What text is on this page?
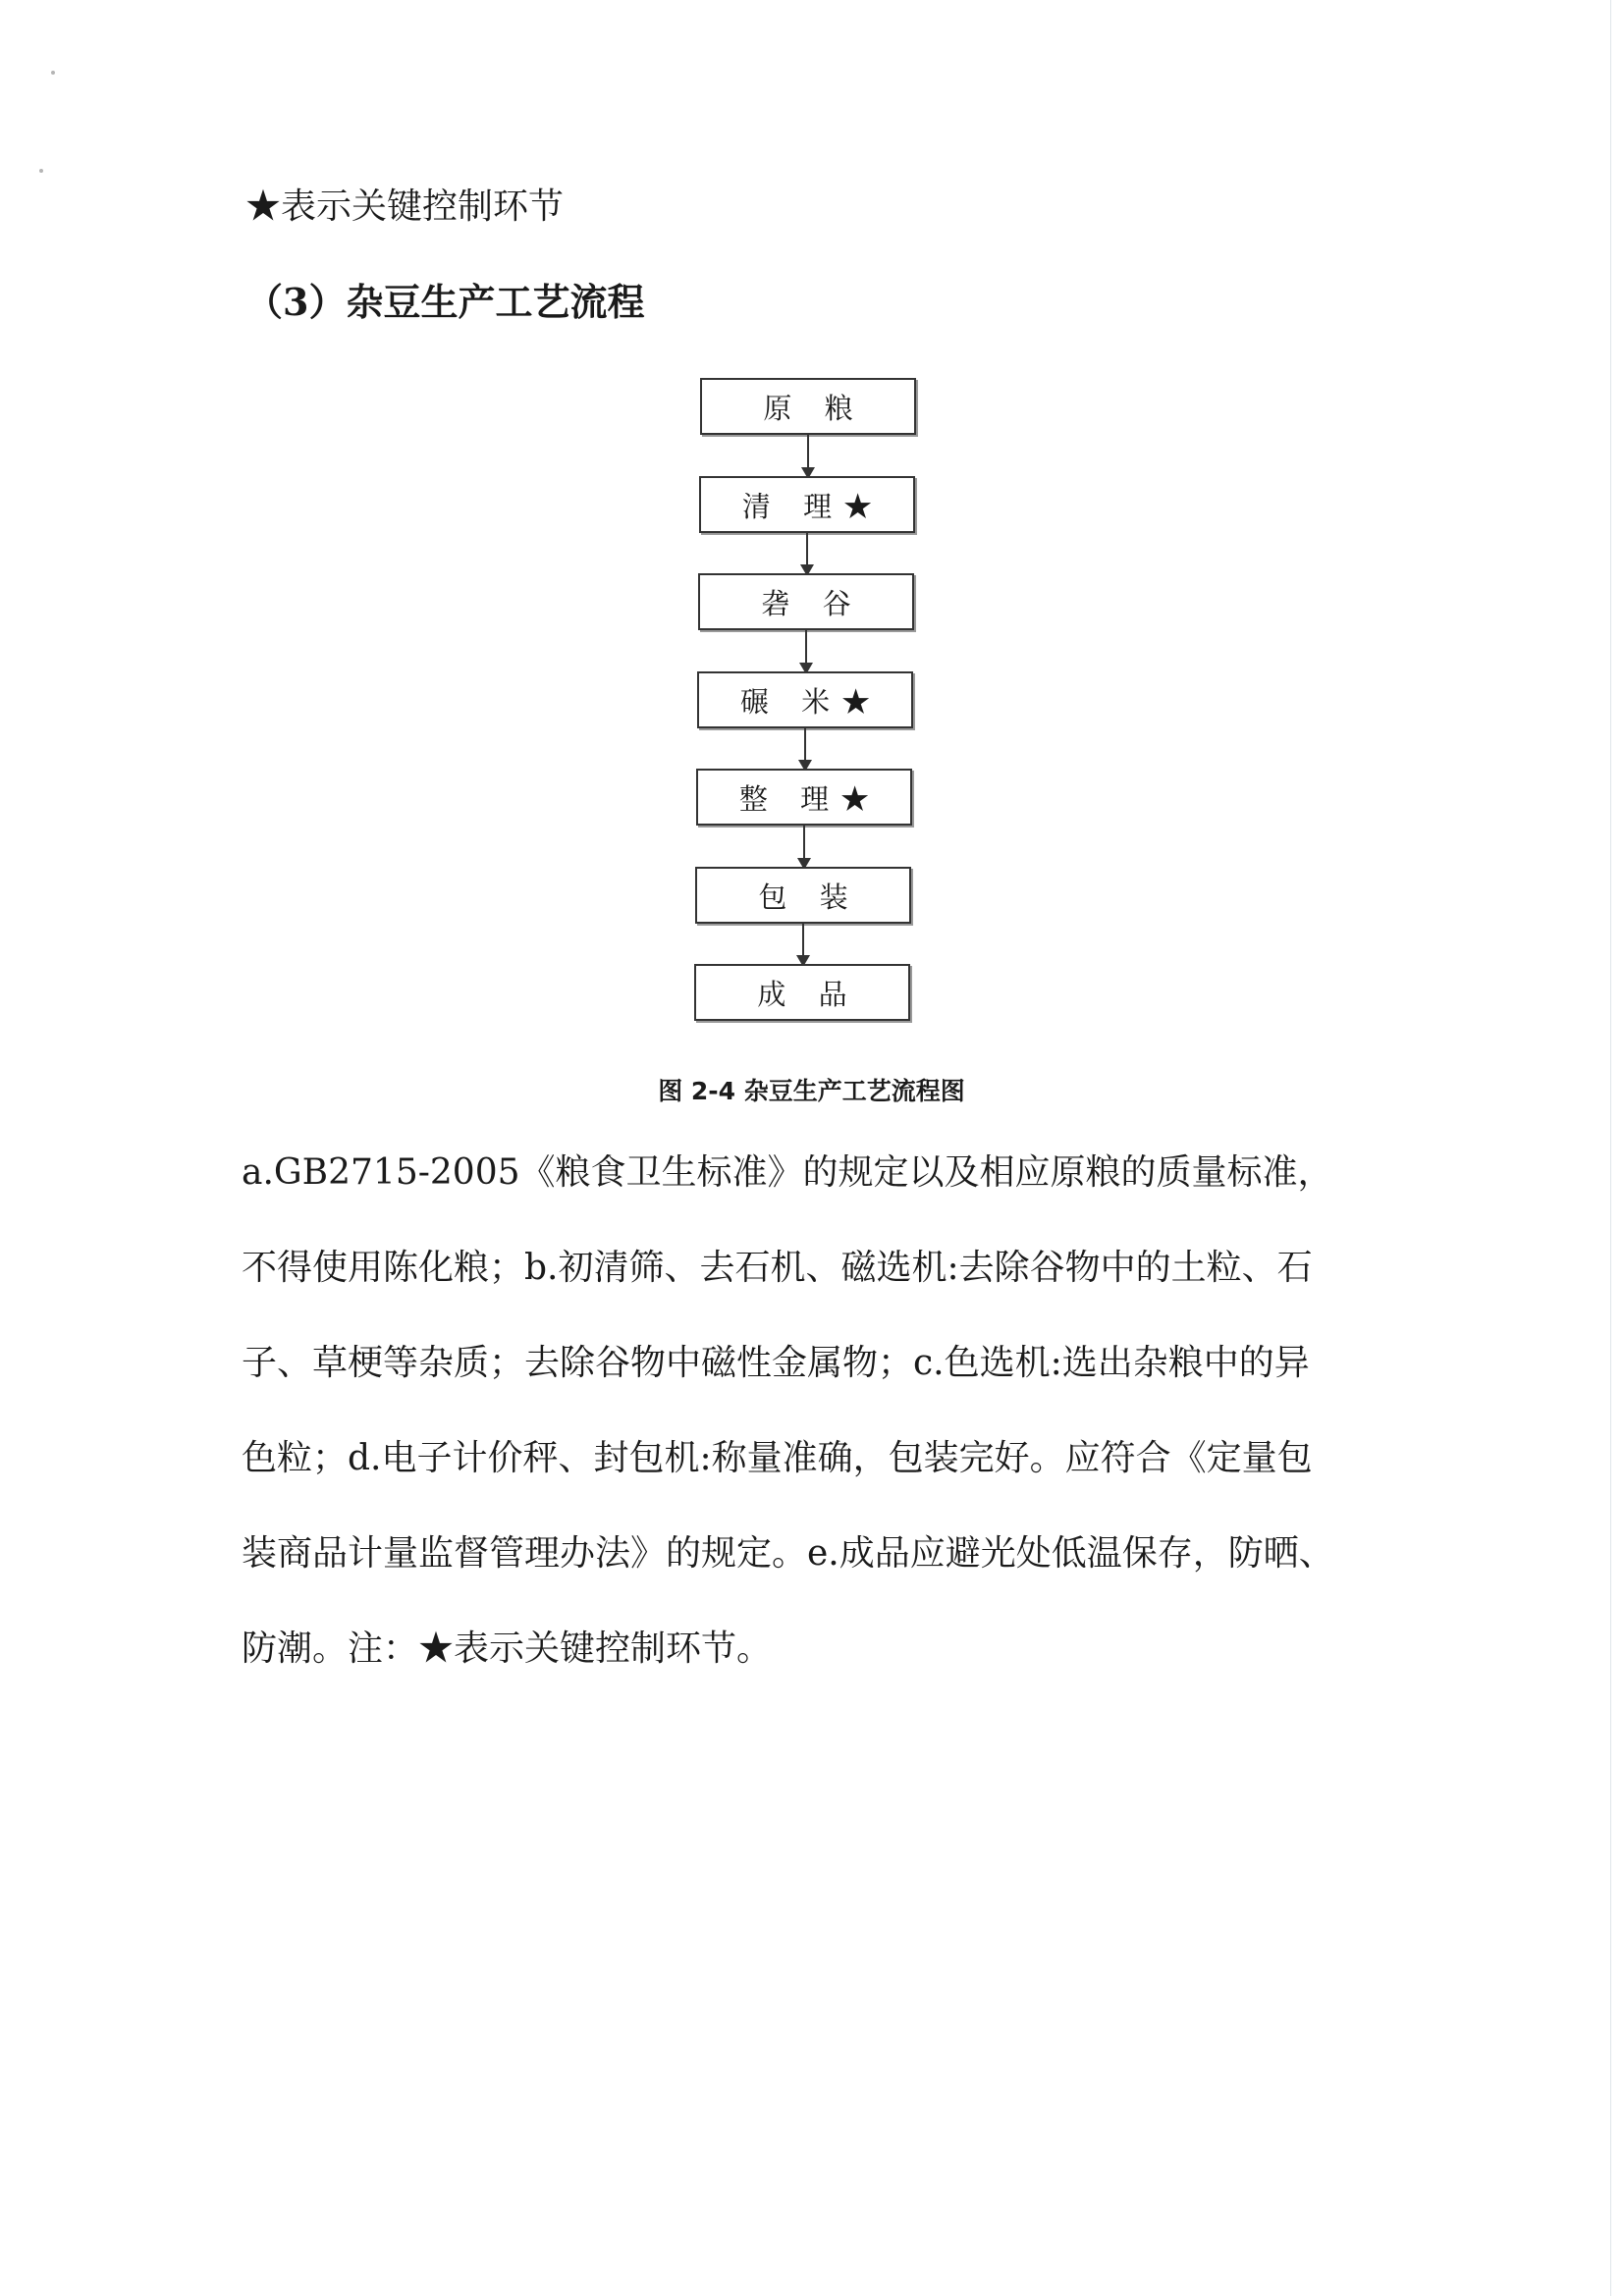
★表示关键控制环节
（3）杂豆生产工艺流程
原 粮
清 理★
砻 谷
碾 米★
整 理★
包 装
成 品
图 2-4 杂豆生产工艺流程图
a.GB2715-2005《粮食卫生标准》的规定以及相应原粮的质量标准，
不得使用陈化粮；b.初清筛、去石机、磁选机:去除谷物中的土粒、石
子、草梗等杂质；去除谷物中磁性金属物；c.色选机:选出杂粮中的异
色粒；d.电子计价秤、封包机:称量准确，包装完好。应符合《定量包
装商品计量监督管理办法》的规定。e.成品应避光处低温保存，防晒、
防潮。注：★表示关键控制环节。
